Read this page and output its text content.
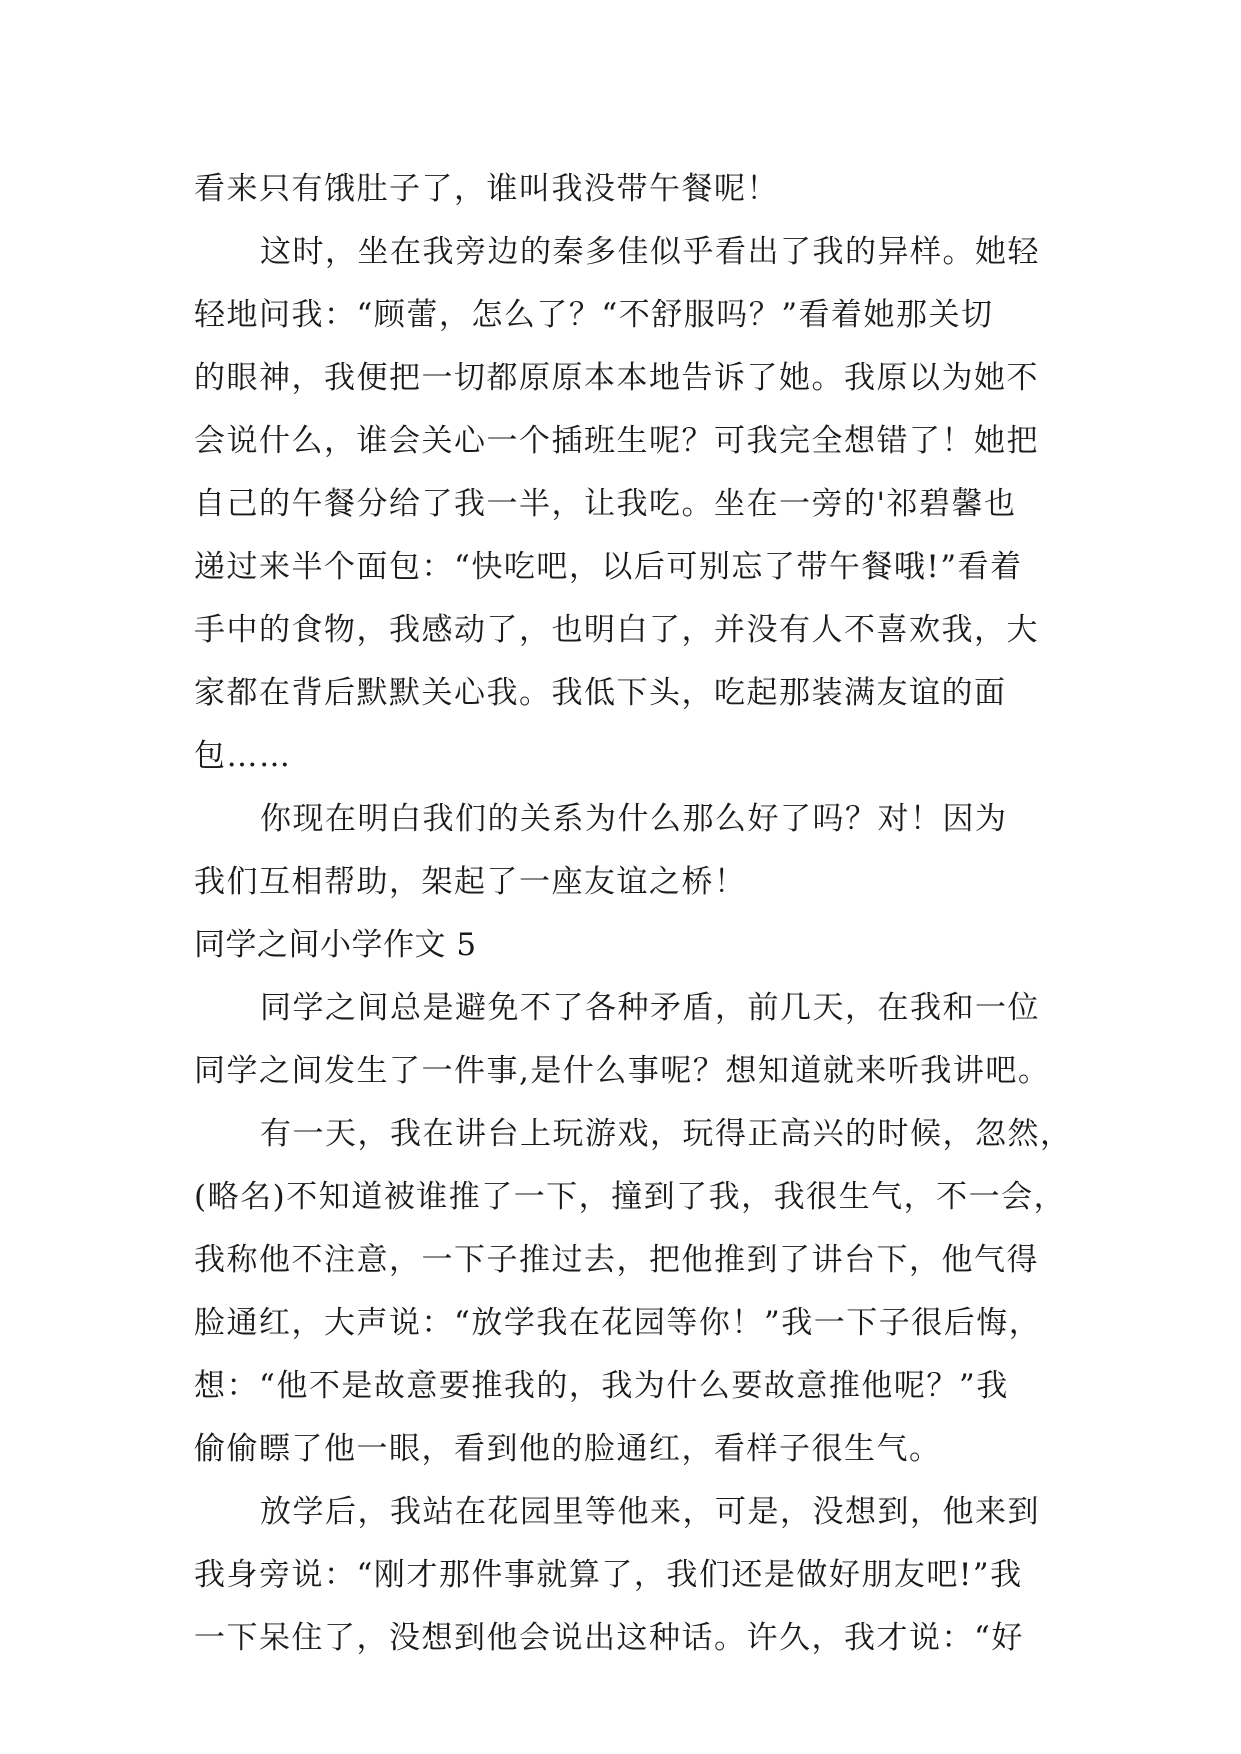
看来只有饿肚子了，谁叫我没带午餐呢！
这时，坐在我旁边的秦多佳似乎看出了我的异样。她轻
轻地问我：“顾蕾，怎么了？“不舒服吗？”看着她那关切
的眼神，我便把一切都原原本本地告诉了她。我原以为她不
会说什么，谁会关心一个插班生呢？可我完全想错了！她把
自己的午餐分给了我一半，让我吃。坐在一旁的'祁碧馨也
递过来半个面包：“快吃吧，以后可别忘了带午餐哦!”看着
手中的食物，我感动了，也明白了，并没有人不喜欢我，大
家都在背后默默关心我。我低下头，吃起那装满友谊的面
包……
你现在明白我们的关系为什么那么好了吗？对！因为
我们互相帮助，架起了一座友谊之桥！
同学之间小学作文 5
同学之间总是避免不了各种矛盾，前几天，在我和一位
同学之间发生了一件事,是什么事呢？想知道就来听我讲吧。
有一天，我在讲台上玩游戏，玩得正高兴的时候，忽然，
(略名)不知道被谁推了一下，撞到了我，我很生气，不一会，
我称他不注意，一下子推过去，把他推到了讲台下，他气得
脸通红，大声说：“放学我在花园等你！”我一下子很后悔，
想：“他不是故意要推我的，我为什么要故意推他呢？”我
偷偷瞟了他一眼，看到他的脸通红，看样子很生气。
放学后，我站在花园里等他来，可是，没想到，他来到
我身旁说：“刚才那件事就算了，我们还是做好朋友吧!”我
一下呆住了，没想到他会说出这种话。许久，我才说：“好
